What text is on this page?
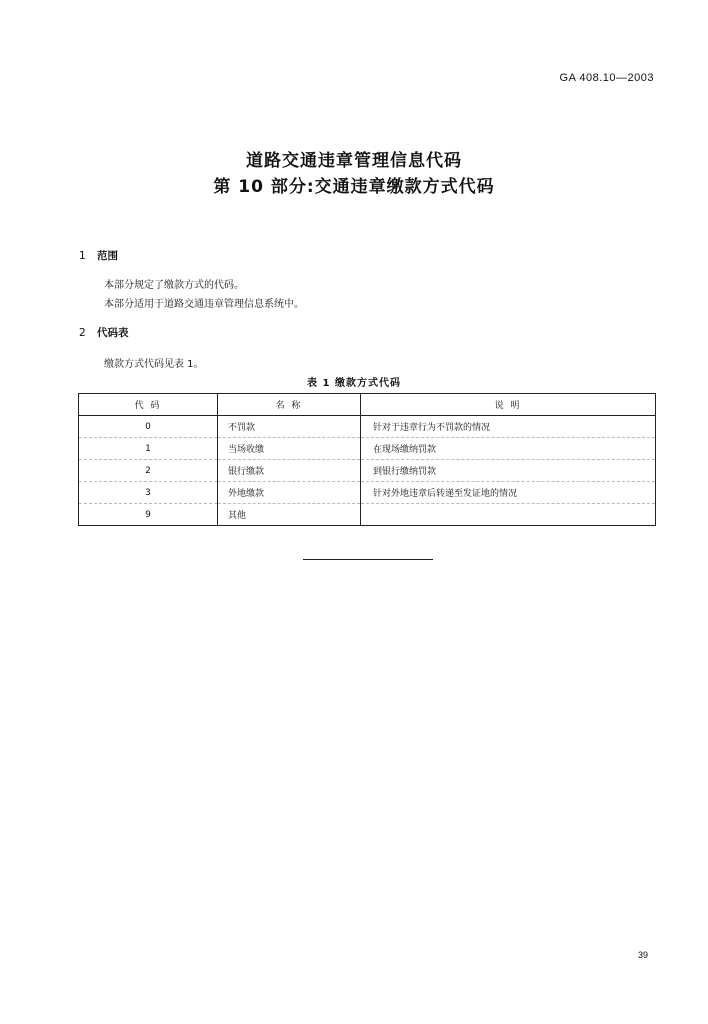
GA 408.10—2003
道路交通违章管理信息代码
第 10 部分:交通违章缴款方式代码
1 范围
本部分规定了缴款方式的代码。
本部分适用于道路交通违章管理信息系统中。
2 代码表
缴款方式代码见表 1。
表 1 缴款方式代码
代 码	名 称	说 明
0	不罚款	针对于违章行为不罚款的情况
1	当场收缴	在现场缴纳罚款
2	银行缴款	到银行缴纳罚款
3	外地缴款	针对外地违章后转递至发证地的情况
9	其他	
39
